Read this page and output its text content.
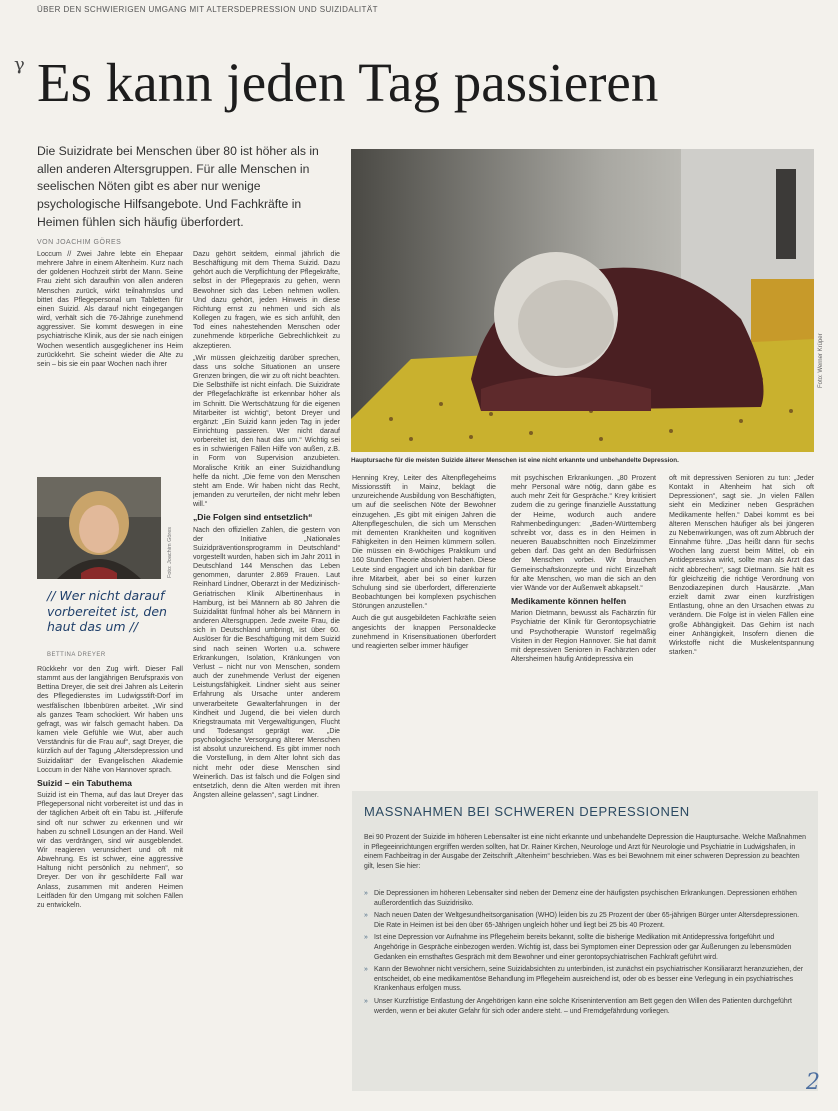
ÜBER DEN SCHWIERIGEN UMGANG MIT ALTERSDEPRESSION UND SUIZIDALITÄT
γ Es kann jeden Tag passieren
Die Suizidrate bei Menschen über 80 ist höher als in allen anderen Altersgruppen. Für alle Menschen in seelischen Nöten gibt es aber nur wenige psychologische Hilfsangebote. Und Fachkräfte in Heimen fühlen sich häufig überfordert.
VON JOACHIM GÖRES

Loccum // Zwei Jahre lebte ein Ehepaar mehrere Jahre in einem Altenheim. Kurz nach der goldenen Hochzeit stirbt der Mann. Seine Frau zieht sich daraufhin von allen anderen Menschen zurück, wirkt teilnahmslos und bittet das Pflegepersonal um Tabletten für einen Suizid. Als darauf nicht eingegangen wird, verhält sich die 76-Jährige zunehmend aggressiver. Sie kommt deswegen in eine psychiatrische Klinik, aus der sie nach einigen Wochen wesentlich ausgeglichener ins Heim zurückkehrt. Sie scheint wieder die Alte zu sein – bis sie ein paar Wochen nach ihrer

Foto: Joachim Göres
// Wer nicht darauf vorbereitet ist, den haut das um //
BETTINA DREYER

Rückkehr vor den Zug wirft. Dieser Fall stammt aus der langjährigen Berufspraxis von Bettina Dreyer, die seit drei Jahren als Leiterin des Pflegedienstes im Ludwigsstift-Dorf im westfälischen Ibbenbüren arbeitet. „Wir sind als ganzes Team schockiert. Wir haben uns gefragt, was wir falsch gemacht haben. Da kamen viele Gefühle wie Wut, aber auch Verständnis für die Frau auf“, sagt Dreyer, die kürzlich auf der Tagung „Altersdepression und Suizidalität“ der Evangelischen Akademie Loccum in der Nähe von Hannover sprach.

Suizid – ein Tabuthema

Suizid ist ein Thema, auf das laut Dreyer das Pflegepersonal nicht vorbereitet ist und das in der täglichen Arbeit oft ein Tabu ist. „Hilferufe sind oft nur schwer zu erkennen und wir haben zu schnell Lösungen an der Hand. Weil wir das verdrängen, sind wir ausgeblendet. Wir reagieren verunsichert und oft mit Abwehrung. Es ist schwer, eine aggressive Haltung nicht persönlich zu nehmen“, so Dreyer. Der von ihr geschilderte Fall war Anlass, zusammen mit anderen Heimen Leitfäden für den Umgang mit solchen Fällen zu entwickeln.

Dazu gehört seitdem, einmal jährlich die Beschäftigung mit dem Thema Suizid. Dazu gehört auch die Verpflichtung der Pflegekräfte, selbst in der Pflegepraxis zu gehen, wenn Bewohner sich das Leben nehmen wollen. Und dazu gehört, jeden Hinweis in diese Richtung ernst zu nehmen und sich als Kollegen zu fragen, wie es sich anfühlt, den Tod eines nahestehenden Menschen oder zunehmende körperliche Gebrechlichkeit zu akzeptieren.

„Wir müssen gleichzeitig darüber sprechen, dass uns solche Situationen an unsere Grenzen bringen, die wir zu oft nicht beachten. Die Selbsthilfe ist nicht einfach. Die Suizidrate der Pflegefachkräfte ist erkennbar höher als im Schnitt. Die Wertschätzung für die eigenen Mitarbeiter ist wichtig“, betont Dreyer und ergänzt: „Ein Suizid kann jeden Tag in jeder Einrichtung passieren. Wer nicht darauf vorbereitet ist, den haut das um.“ Wichtig sei es in schwierigen Fällen Hilfe von außen, z.B. in Form von Supervision anzubieten. Moralische Kritik an einer Suizidhandlung helfe da nicht. „Die ferne von den Menschen steht am Ende. Wir haben nicht das Recht, jemanden zu verurteilen, der nicht mehr leben will.“

„Die Folgen sind entsetzlich“

Nach den offiziellen Zahlen, die gestern von der Initiative „Nationales Suizidpräventionsprogramm in Deutschland“ vorgestellt wurden, haben sich im Jahr 2011 in Deutschland 144 Menschen das Leben genommen, darunter 2.869 Frauen. Laut Reinhard Lindner, Oberarzt in der Medizinisch-Geriatrischen Klinik Albertinenhaus in Hamburg, ist bei Männern ab 80 Jahren die Suizidalität fünfmal höher als bei Männern in anderen Altersgruppen. Jede zweite Frau, die sich in Deutschland umbringt, ist über 60. Auslöser für die Beschäftigung mit dem Suizid sind nach seinen Worten u.a. schwere Erkrankungen, Isolation, Kränkungen von Verlust – nicht nur von Menschen, sondern auch der zunehmende Verlust der eigenen Leistungsfähigkeit. Lindner sieht aus seiner Erfahrung als Ursache unter anderem unverarbeitete Gewalterfahrungen in der Kindheit und Jugend, die bei vielen durch Kriegstraumata mit Vergewaltigungen, Flucht und Todesangst geprägt war. „Die psychologische Versorgung älterer Menschen ist absolut unzureichend. Es gibt immer noch die Vorstellung, in dem Alter lohnt sich das nicht mehr oder diese Menschen sind Weinerlich. Das ist falsch und die Folgen sind entsetzlich, denn die Alten werden mit ihren Ängsten alleine gelassen“, sagt Lindner.

Foto: Werner Krüper
Hauptursache für die meisten Suizide älterer Menschen ist eine nicht erkannte und unbehandelte Depression.

Henning Krey, Leiter des Altenpflegeheims Missionsstift in Mainz, beklagt die unzureichende Ausbildung von Beschäftigten, um auf die seelischen Nöte der Bewohner einzugehen. „Es gibt mit einigen Jahren die Altenpflegeschulen, die sich um Menschen mit dementen Krankheiten und kognitiven Fähigkeiten in den Heimen kümmern sollen. Die müssen ein 8-wöchiges Praktikum und 160 Stunden Theorie absolviert haben. Diese Leute sind engagiert und ich bin dankbar für ihre Mitarbeit, aber bei so einer kurzen Schulung sind sie überfordert, differenzierte Beobachtungen bei komplexen psychischen Störungen anzustellen.“

Auch die gut ausgebildeten Fachkräfte seien angesichts der knappen Personaldecke zunehmend in Krisensituationen überfordert und reagierten selber immer häufiger

mit psychischen Erkrankungen. „80 Prozent mehr Personal wäre nötig, dann gäbe es auch mehr Zeit für Gespräche.“ Krey kritisiert zudem die zu geringe finanzielle Ausstattung der Heime, wodurch auch andere Rahmenbedingungen: „Baden-Württemberg schreibt vor, dass es in den Heimen in neueren Bauabschnitten noch Einzelzimmer geben darf. Das geht an den Bedürfnissen der Menschen vorbei. Wir brauchen Gemeinschaftskonzepte und nicht Einzelhaft für alte Menschen, wo man die sich an den vier Wände vor der Außenwelt abkapselt.“

Medikamente können helfen

Marion Dietmann, bewusst als Fachärztin für Psychiatrie der Klinik für Gerontopsychiatrie und Psychotherapie Wunstorf regelmäßig Visiten in der Region Hannover. Sie hat damit mit depressiven Senioren in Fachärzten oder Altersheimen häufig Antidepressiva ein

oft mit depressiven Senioren zu tun: „Jeder Kontakt in Altenheim hat sich oft Depressionen“, sagt sie. „In vielen Fällen sieht ein Mediziner neben Gesprächen Medikamente helfen.“ Dabei kommt es bei älteren Menschen häufiger als bei jüngeren zu Nebenwirkungen, was oft zum Abbruch der Einnahme führe. „Das heißt dann für sechs Wochen lang zuerst beim Mittel, ob ein Antidepressiva wirkt, sollte man als Arzt das nicht abbrechen“, sagt Dietmann. Sie hält es für gleichzeitig die richtige Verordnung von Benzodiazepinen durch Hausärzte. „Man erzielt damit zwar einen kurzfristigen Entlastung, ohne an den Ursachen etwas zu verändern. Die Folge ist in vielen Fällen eine große Abhängigkeit. Das Gehirn ist nach einer Anhängigkeit, Insofern dienen die Wirkstoffe nicht die Muskelentspannung starken.“

MASSNAHMEN BEI SCHWEREN DEPRESSIONEN
Bei 90 Prozent der Suizide im höheren Lebensalter ist eine nicht erkannte und unbehandelte Depression die Hauptursache. Welche Maßnahmen in Pflegeeinrichtungen ergriffen werden sollten, hat Dr. Rainer Kirchen, Neurologe und Arzt für Neurologie und Psychiatrie in Ludwigshafen, in einem Fachbeitrag in der Ausgabe der Zeitschrift „Altenheim“ beschrieben. Was es bei Bewohnern mit einer schweren Depression zu beachten gilt, lesen Sie hier:
» Die Depressionen im höheren Lebensalter sind neben der Demenz eine der häufigsten psychischen Erkrankungen. Depressionen erhöhen außerordentlich das Suizidrisiko.
» Nach neuen Daten der Weltgesundheitsorganisation (WHO) leiden bis zu 25 Prozent der über 65-jährigen Bürger unter Altersdepressionen. Die Rate in Heimen ist bei den über 65-Jährigen ungleich höher und liegt bei 25 bis 40 Prozent.
» Ist eine Depression vor Aufnahme ins Pflegeheim bereits bekannt, sollte die bisherige Medikation mit Antidepressiva fortgeführt und Angehörige in Gespräche einbezogen werden. Wichtig ist, dass bei Symptomen einer Depression oder gar Äußerungen zu lebensmüden Gedanken ein ernsthaftes Gespräch mit dem Bewohner und einer gerontopsychiatrischen Fachkraft geführt wird.
» Kann der Bewohner nicht versichern, seine Suizidabsichten zu unterbinden, ist zunächst ein psychiatrischer Konsiliararzt heranzuziehen, der entscheidet, ob eine medikamentöse Behandlung im Pflegeheim ausreichend ist, oder ob es besser eine Verlegung in ein psychiatrisches Krankenhaus erfolgen muss.
» Unser Kurzfristige Entlastung der Angehörigen kann eine solche Krisenintervention am Bett gegen den Willen des Patienten durchgeführt werden, wenn er bei akuter Gefahr für sich oder andere steht. – und Fremdgefährdung vorliegen.
2
